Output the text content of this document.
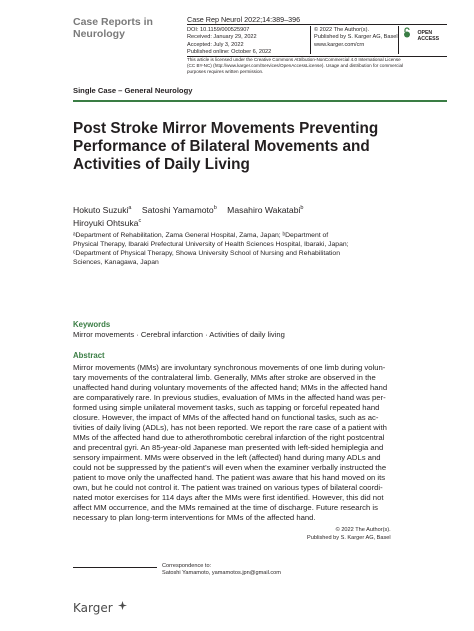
Case Reports in
Neurology
Case Rep Neurol 2022;14:389–396
DOI: 10.1159/000525907
Received: January 29, 2022
Accepted: July 3, 2022
Published online: October 6, 2022
© 2022 The Author(s).
Published by S. Karger AG, Basel
www.karger.com/crn

OPEN
ACCESS
This article is licensed under the Creative Commons Attribution-NonCommercial 4.0 International License
(CC BY-NC) (http://www.karger.com/Services/OpenAccessLicense). Usage and distribution for commercial
purposes requires written permission.
Single Case – General Neurology
Post Stroke Mirror Movements Preventing Performance of Bilateral Movements and Activities of Daily Living
Hokuto Suzuki$^a$ Satoshi Yamamoto$^b$ Masahiro Wakatabi$^b$
Hiroyuki Ohtsuka$^c$
ᵃDepartment of Rehabilitation, Zama General Hospital, Zama, Japan; ᵇDepartment of
Physical Therapy, Ibaraki Prefectural University of Health Sciences Hospital, Ibaraki, Japan;
ᶜDepartment of Physical Therapy, Showa University School of Nursing and Rehabilitation
Sciences, Kanagawa, Japan
Keywords
Mirror movements · Cerebral infarction · Activities of daily living
Abstract
Mirror movements (MMs) are involuntary synchronous movements of one limb during volun-
tary movements of the contralateral limb. Generally, MMs after stroke are observed in the
unaffected hand during voluntary movements of the affected hand; MMs in the affected hand
are comparatively rare. In previous studies, evaluation of MMs in the affected hand was per-
formed using simple unilateral movement tasks, such as tapping or forceful repeated hand
closure. However, the impact of MMs of the affected hand on functional tasks, such as ac-
tivities of daily living (ADLs), has not been reported. We report the rare case of a patient with
MMs of the affected hand due to atherothrombotic cerebral infarction of the right postcentral
and precentral gyri. An 85-year-old Japanese man presented with left-sided hemiplegia and
sensory impairment. MMs were observed in the left (affected) hand during many ADLs and
could not be suppressed by the patient’s will even when the examiner verbally instructed the
patient to move only the unaffected hand. The patient was aware that his hand moved on its
own, but he could not control it. The patient was trained on various types of bilateral coordi-
nated motor exercises for 114 days after the MMs were first identified. However, this did not
affect MM occurrence, and the MMs remained at the time of discharge. Future research is
necessary to plan long-term interventions for MMs of the affected hand.
© 2022 The Author(s).
Published by S. Karger AG, Basel
Correspondence to:
Satoshi Yamamoto, yamamotos.jpn@gmail.com
Karger
